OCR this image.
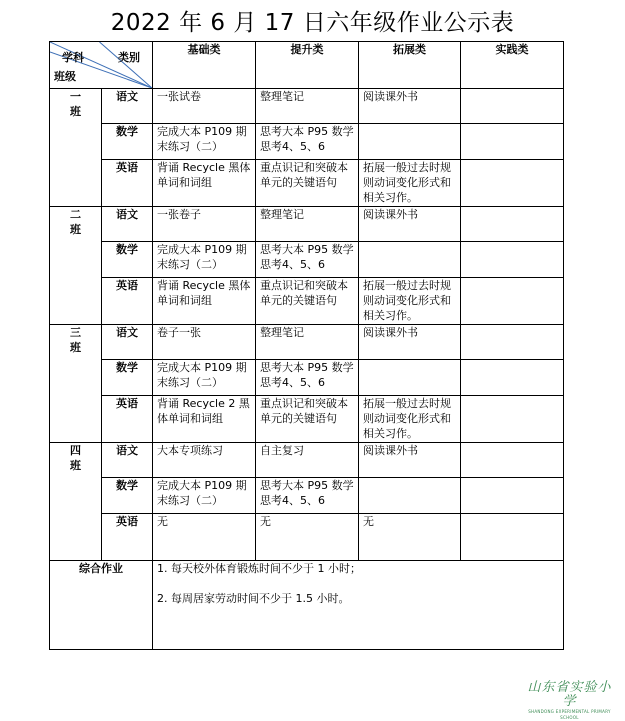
2022 年 6 月 17 日六年级作业公示表
学科 类别
班级		基础类	提升类	拓展类	实践类
一
班	语文	一张试卷	整理笔记	阅读课外书	
	数学	完成大本 P109 期末练习（二）	思考大本 P95 数学思考4、5、6		
	英语	背诵 Recycle 黑体单词和词组	重点识记和突破本单元的关键语句	拓展一般过去时规则动词变化形式和相关习作。	
二
班	语文	一张卷子	整理笔记	阅读课外书	
	数学	完成大本 P109 期末练习（二）	思考大本 P95 数学思考4、5、6		
	英语	背诵 Recycle 黑体单词和词组	重点识记和突破本单元的关键语句	拓展一般过去时规则动词变化形式和相关习作。	
三
班	语文	卷子一张	整理笔记	阅读课外书	
	数学	完成大本 P109 期末练习（二）	思考大本 P95 数学思考4、5、6		
	英语	背诵 Recycle 2 黑体单词和词组	重点识记和突破本单元的关键语句	拓展一般过去时规则动词变化形式和相关习作。	
四
班	语文	大本专项练习	自主复习	阅读课外书	
	数学	完成大本 P109 期末练习（二）	思考大本 P95 数学思考4、5、6		
	英语	无	无	无	
综合作业		1. 每天校外体育锻炼时间不少于 1 小时；

2. 每周居家劳动时间不少于 1.5 小时。			

山东省实验小学
SHANDONG EXPERIMENTAL PRIMARY SCHOOL
